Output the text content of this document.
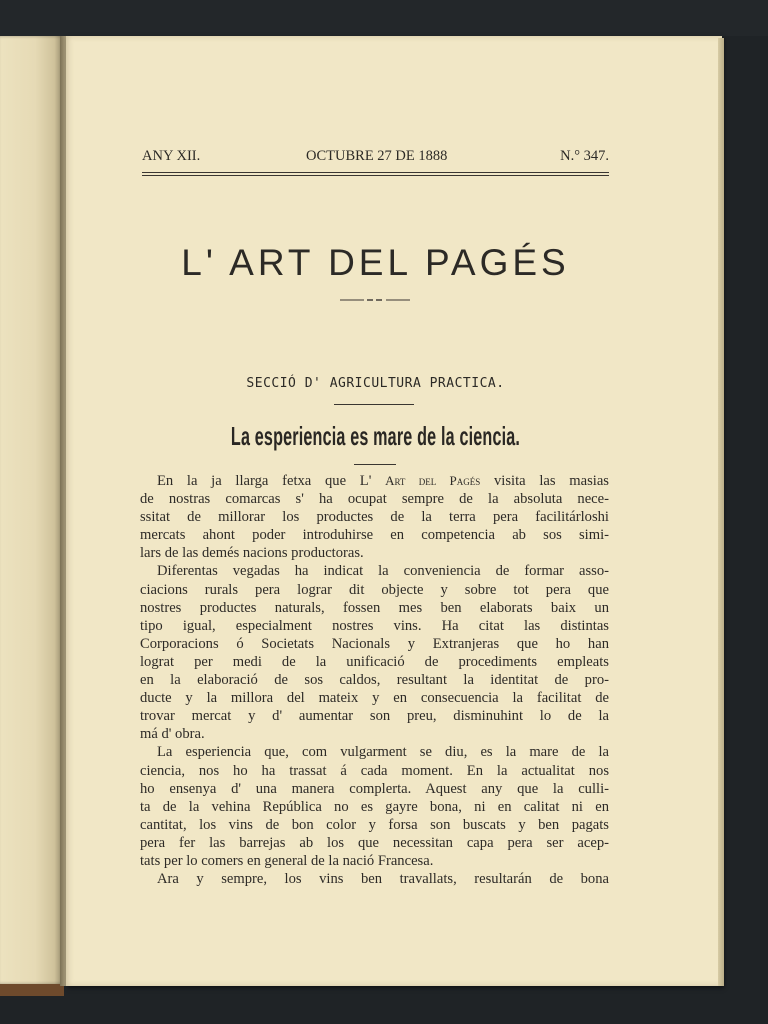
ANY XII.	OCTUBRE 27 DE 1888	N.° 347.
L' ART DEL PAGÉS
SECCIÓ D' AGRICULTURA PRACTICA.
La esperiencia es mare de la ciencia.
En la ja llarga fetxa que L' Art del Pagés visita las masias
de nostras comarcas s' ha ocupat sempre de la absoluta nece-
ssitat de millorar los productes de la terra pera facilitárloshi
mercats ahont poder introduhirse en competencia ab sos simi-
lars de las demés nacions productoras.
Diferentas vegadas ha indicat la conveniencia de formar asso-
ciacions rurals pera lograr dit objecte y sobre tot pera que
nostres productes naturals, fossen mes ben elaborats baix un
tipo igual, especialment nostres vins. Ha citat las distintas
Corporacions ó Societats Nacionals y Extranjeras que ho han
lograt per medi de la unificació de procediments empleats
en la elaboració de sos caldos, resultant la identitat de pro-
ducte y la millora del mateix y en consecuencia la facilitat de
trovar mercat y d' aumentar son preu, disminuhint lo de la
má d' obra.
La esperiencia que, com vulgarment se diu, es la mare de la
ciencia, nos ho ha trassat á cada moment. En la actualitat nos
ho ensenya d' una manera complerta. Aquest any que la culli-
ta de la vehina República no es gayre bona, ni en calitat ni en
cantitat, los vins de bon color y forsa son buscats y ben pagats
pera fer las barrejas ab los que necessitan capa pera ser acep-
tats per lo comers en general de la nació Francesa.
Ara y sempre, los vins ben travallats, resultarán de bona
